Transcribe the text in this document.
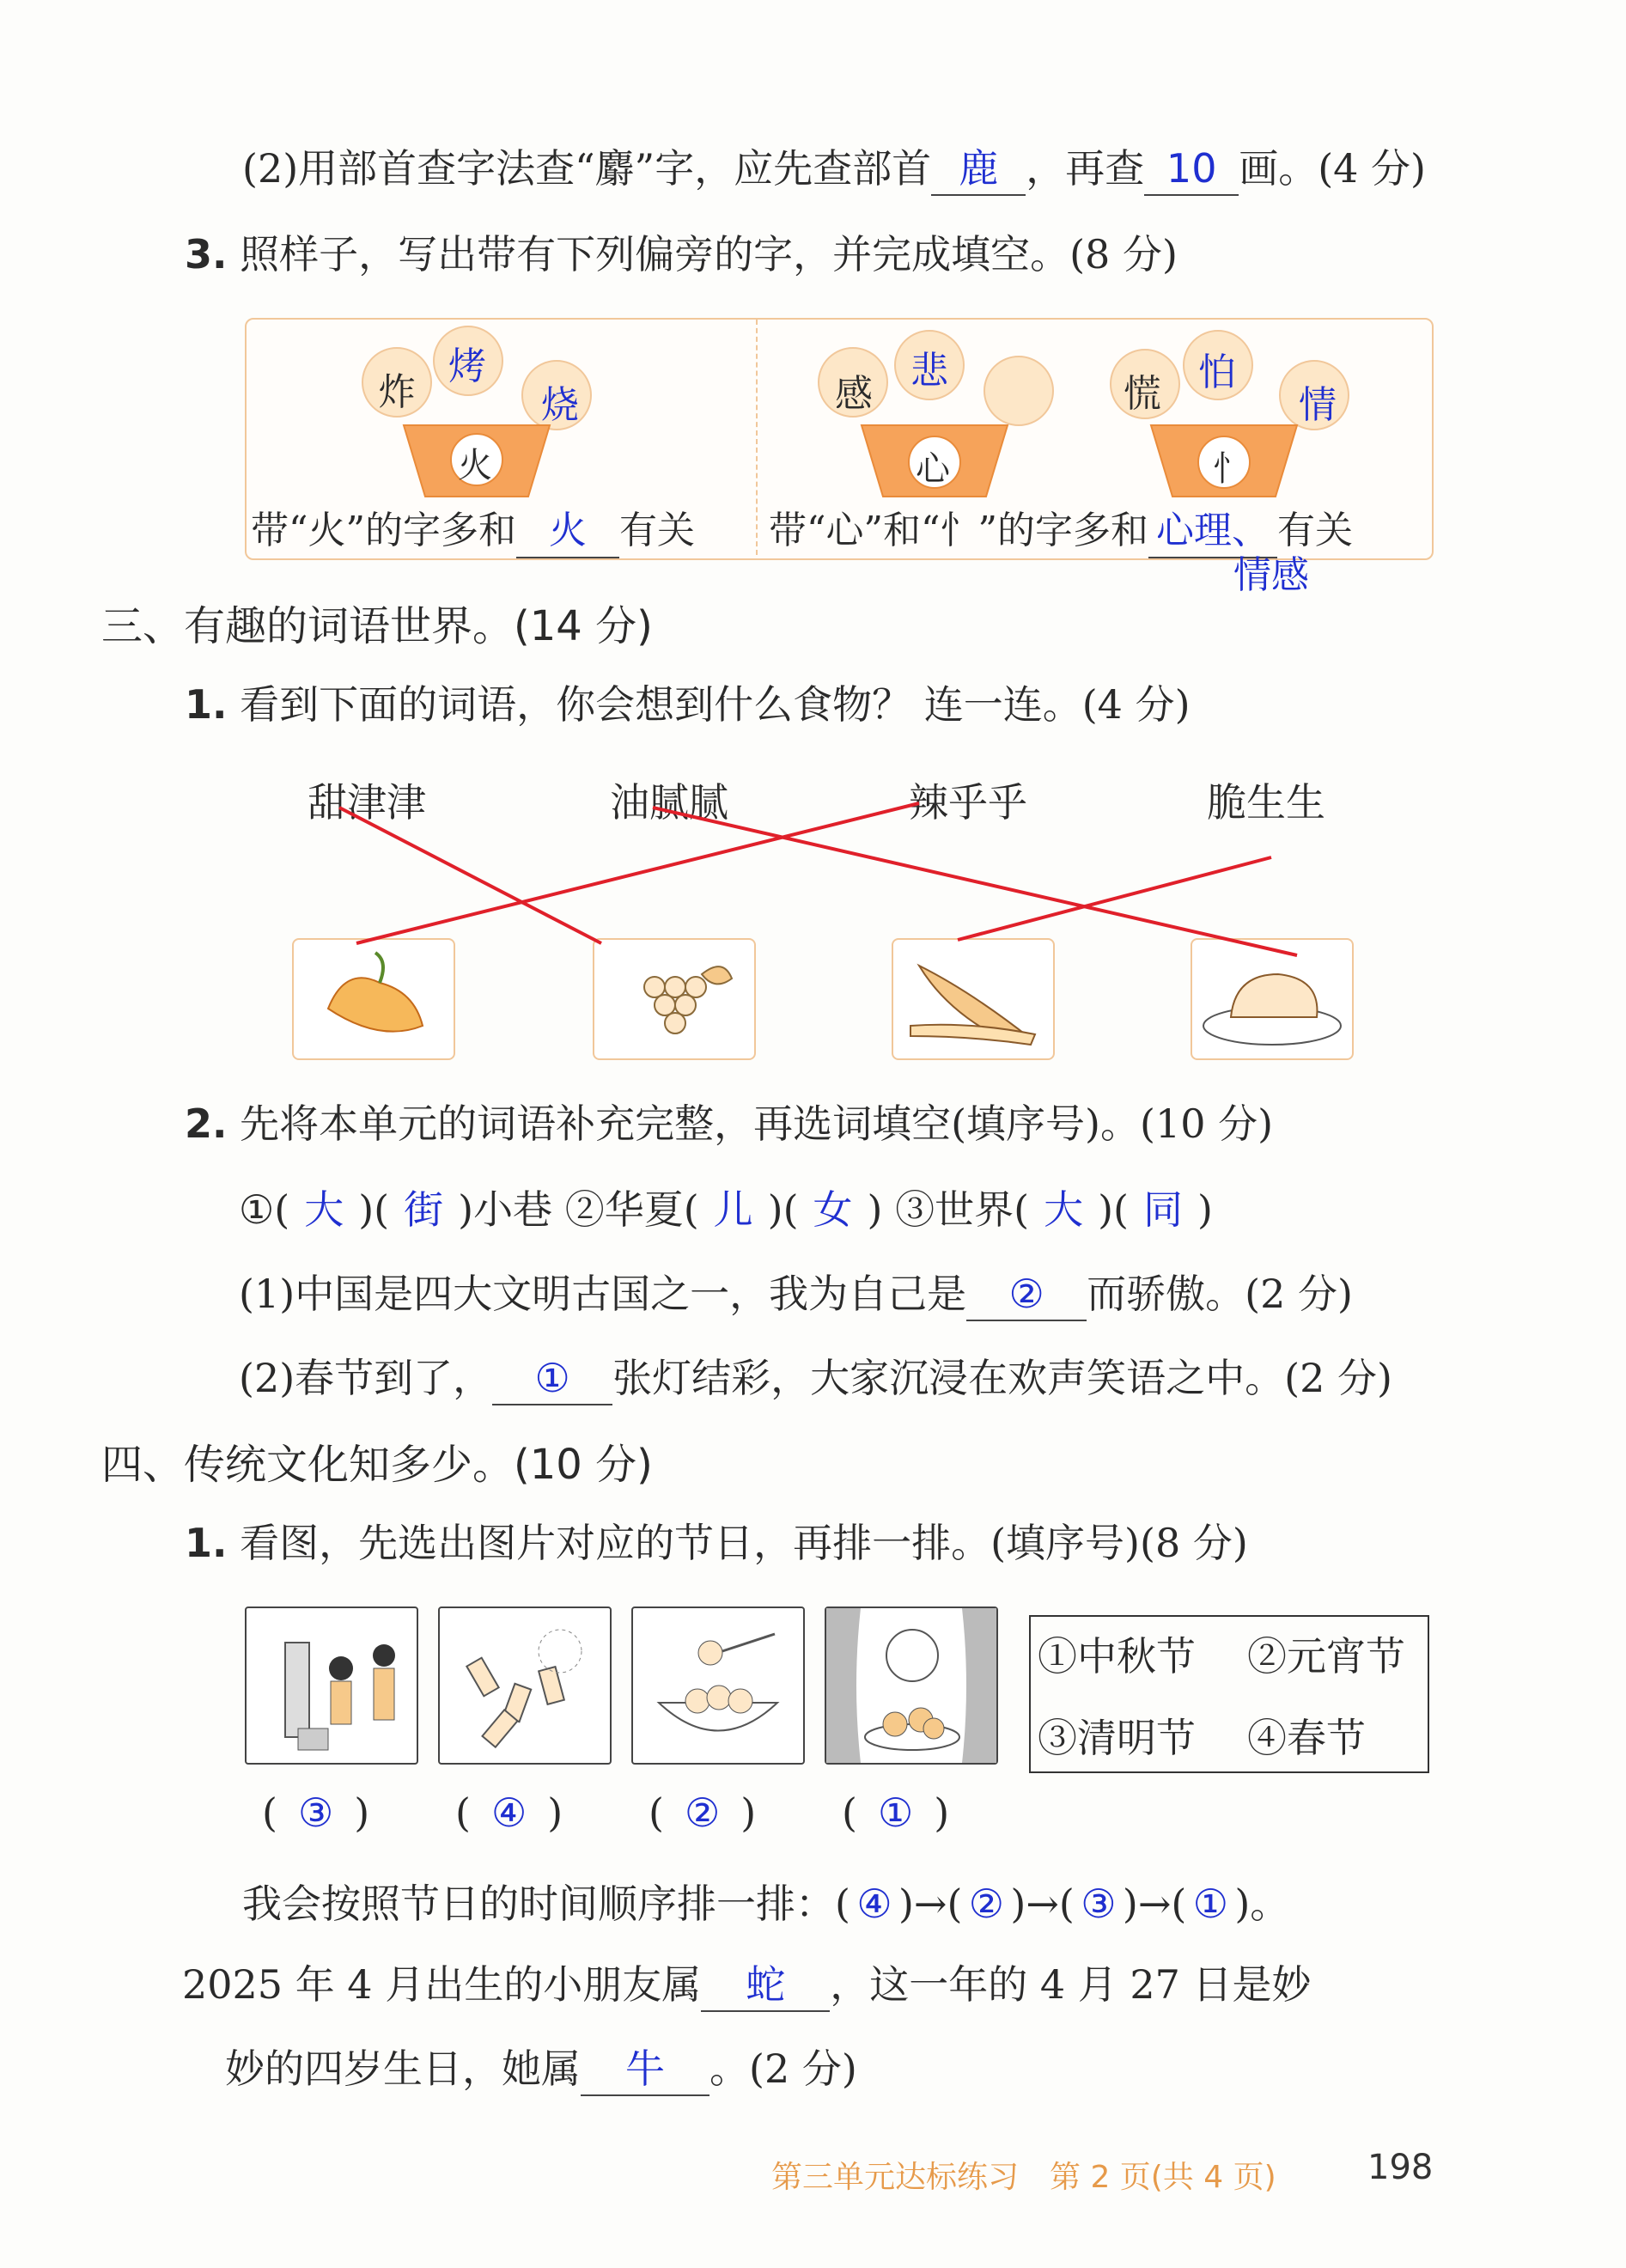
(2)用部首查字法查“麝”字，应先查部首 鹿 ，再查 10 画。(4 分)
3. 照样子，写出带有下列偏旁的字，并完成填空。(8 分)
炸
烤
烧
火
感
悲
心
慌 怕
情
忄
带“火”的字多和 火 有关 带“心”和“忄”的字多和 心理、 有关
情感
三、有趣的词语世界。(14 分)
1. 看到下面的词语，你会想到什么食物？ 连一连。(4 分)
甜津津	油腻腻	辣乎乎	脆生生
2. 先将本单元的词语补充完整，再选词填空(填序号)。(10 分)
①( 大 )( 街 )小巷 ②华夏( 儿 )( 女 ) ③世界( 大 )( 同 )
(1)中国是四大文明古国之一，我为自己是 ② 而骄傲。(2 分)
(2)春节到了， ① 张灯结彩，大家沉浸在欢声笑语之中。(2 分)
四、传统文化知多少。(10 分)
1. 看图，先选出图片对应的节日，再排一排。(填序号)(8 分)
①中秋节 ②元宵节
③清明节 ④春节
( ③ ) ( ④ ) ( ② ) ( ① )
我会按照节日的时间顺序排一排：( ④ )→( ② )→( ③ )→( ① )。
2025 年 4 月出生的小朋友属 蛇 ，这一年的 4 月 27 日是妙
妙的四岁生日，她属 牛 。(2 分)
第三单元达标练习　第 2 页(共 4 页)	198
